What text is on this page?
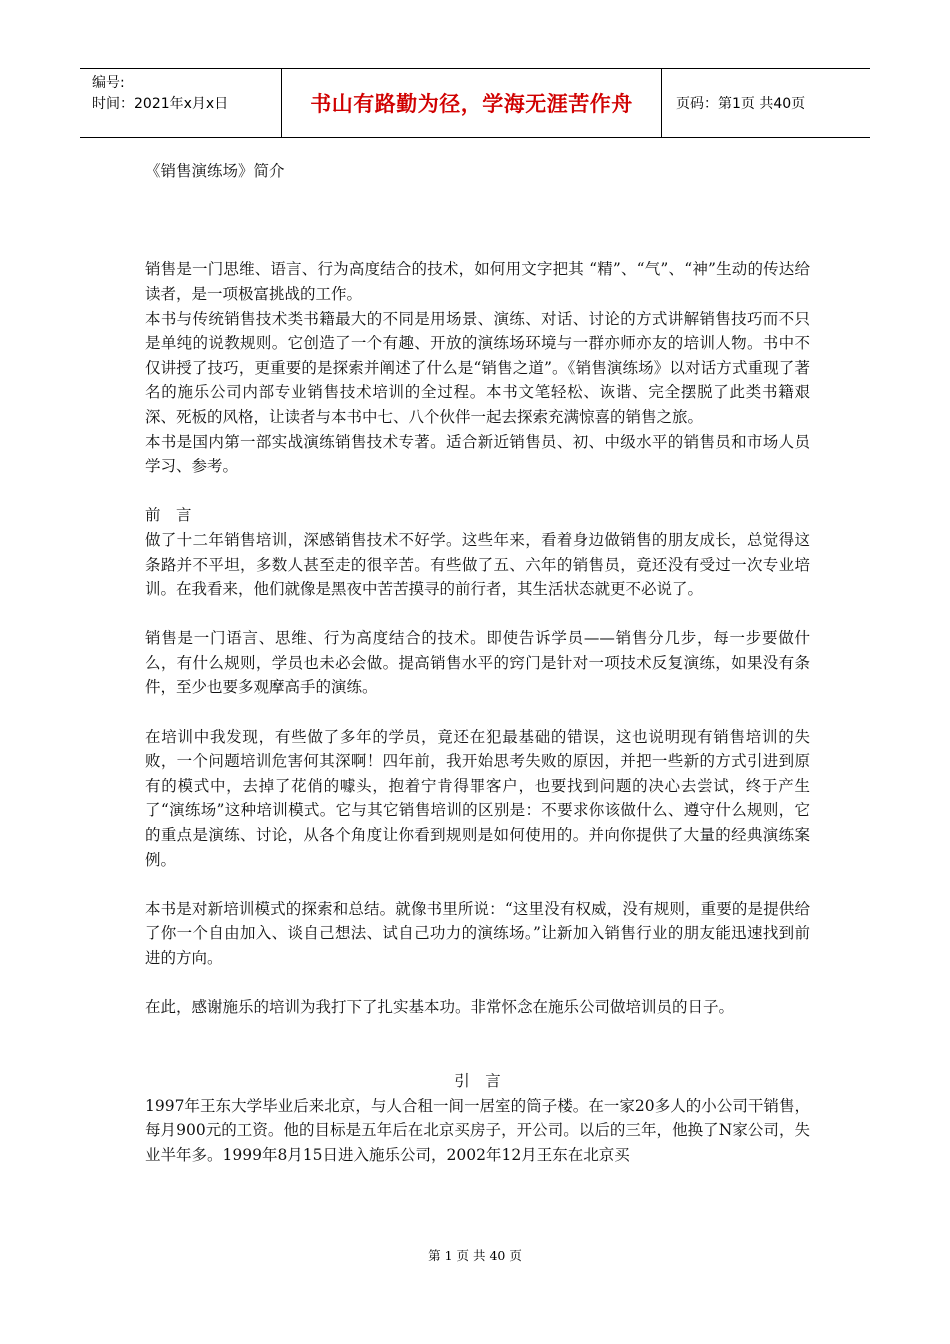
编号:
时间：2021年x月x日	书山有路勤为径，学海无涯苦作舟	页码：第1页 共40页

《销售演练场》简介

销售是一门思维、语言、行为高度结合的技术，如何用文字把其 “精”、“气”、“神”生动的传达给读者，是一项极富挑战的工作。

本书与传统销售技术类书籍最大的不同是用场景、演练、对话、讨论的方式讲解销售技巧而不只是单纯的说教规则。它创造了一个有趣、开放的演练场环境与一群亦师亦友的培训人物。书中不仅讲授了技巧，更重要的是探索并阐述了什么是“销售之道”。《销售演练场》以对话方式重现了著名的施乐公司内部专业销售技术培训的全过程。本书文笔轻松、诙谐、完全摆脱了此类书籍艰深、死板的风格，让读者与本书中七、八个伙伴一起去探索充满惊喜的销售之旅。

本书是国内第一部实战演练销售技术专著。适合新近销售员、初、中级水平的销售员和市场人员学习、参考。

前　言

做了十二年销售培训，深感销售技术不好学。这些年来，看着身边做销售的朋友成长，总觉得这条路并不平坦，多数人甚至走的很辛苦。有些做了五、六年的销售员，竟还没有受过一次专业培训。在我看来，他们就像是黑夜中苦苦摸寻的前行者，其生活状态就更不必说了。

销售是一门语言、思维、行为高度结合的技术。即使告诉学员——销售分几步，每一步要做什么，有什么规则，学员也未必会做。提高销售水平的窍门是针对一项技术反复演练，如果没有条件，至少也要多观摩高手的演练。

在培训中我发现，有些做了多年的学员，竟还在犯最基础的错误，这也说明现有销售培训的失败，一个问题培训危害何其深啊！四年前，我开始思考失败的原因，并把一些新的方式引进到原有的模式中，去掉了花俏的噱头，抱着宁肯得罪客户，也要找到问题的决心去尝试，终于产生了“演练场”这种培训模式。它与其它销售培训的区别是：不要求你该做什么、遵守什么规则，它的重点是演练、讨论，从各个角度让你看到规则是如何使用的。并向你提供了大量的经典演练案例。

本书是对新培训模式的探索和总结。就像书里所说：“这里没有权威，没有规则，重要的是提供给了你一个自由加入、谈自己想法、试自己功力的演练场。”让新加入销售行业的朋友能迅速找到前进的方向。

在此，感谢施乐的培训为我打下了扎实基本功。非常怀念在施乐公司做培训员的日子。

引　言

1997年王东大学毕业后来北京，与人合租一间一居室的筒子楼。在一家20多人的小公司干销售，每月900元的工资。他的目标是五年后在北京买房子，开公司。以后的三年，他换了N家公司，失业半年多。1999年8月15日进入施乐公司，2002年12月王东在北京买

第 1 页 共 40 页
